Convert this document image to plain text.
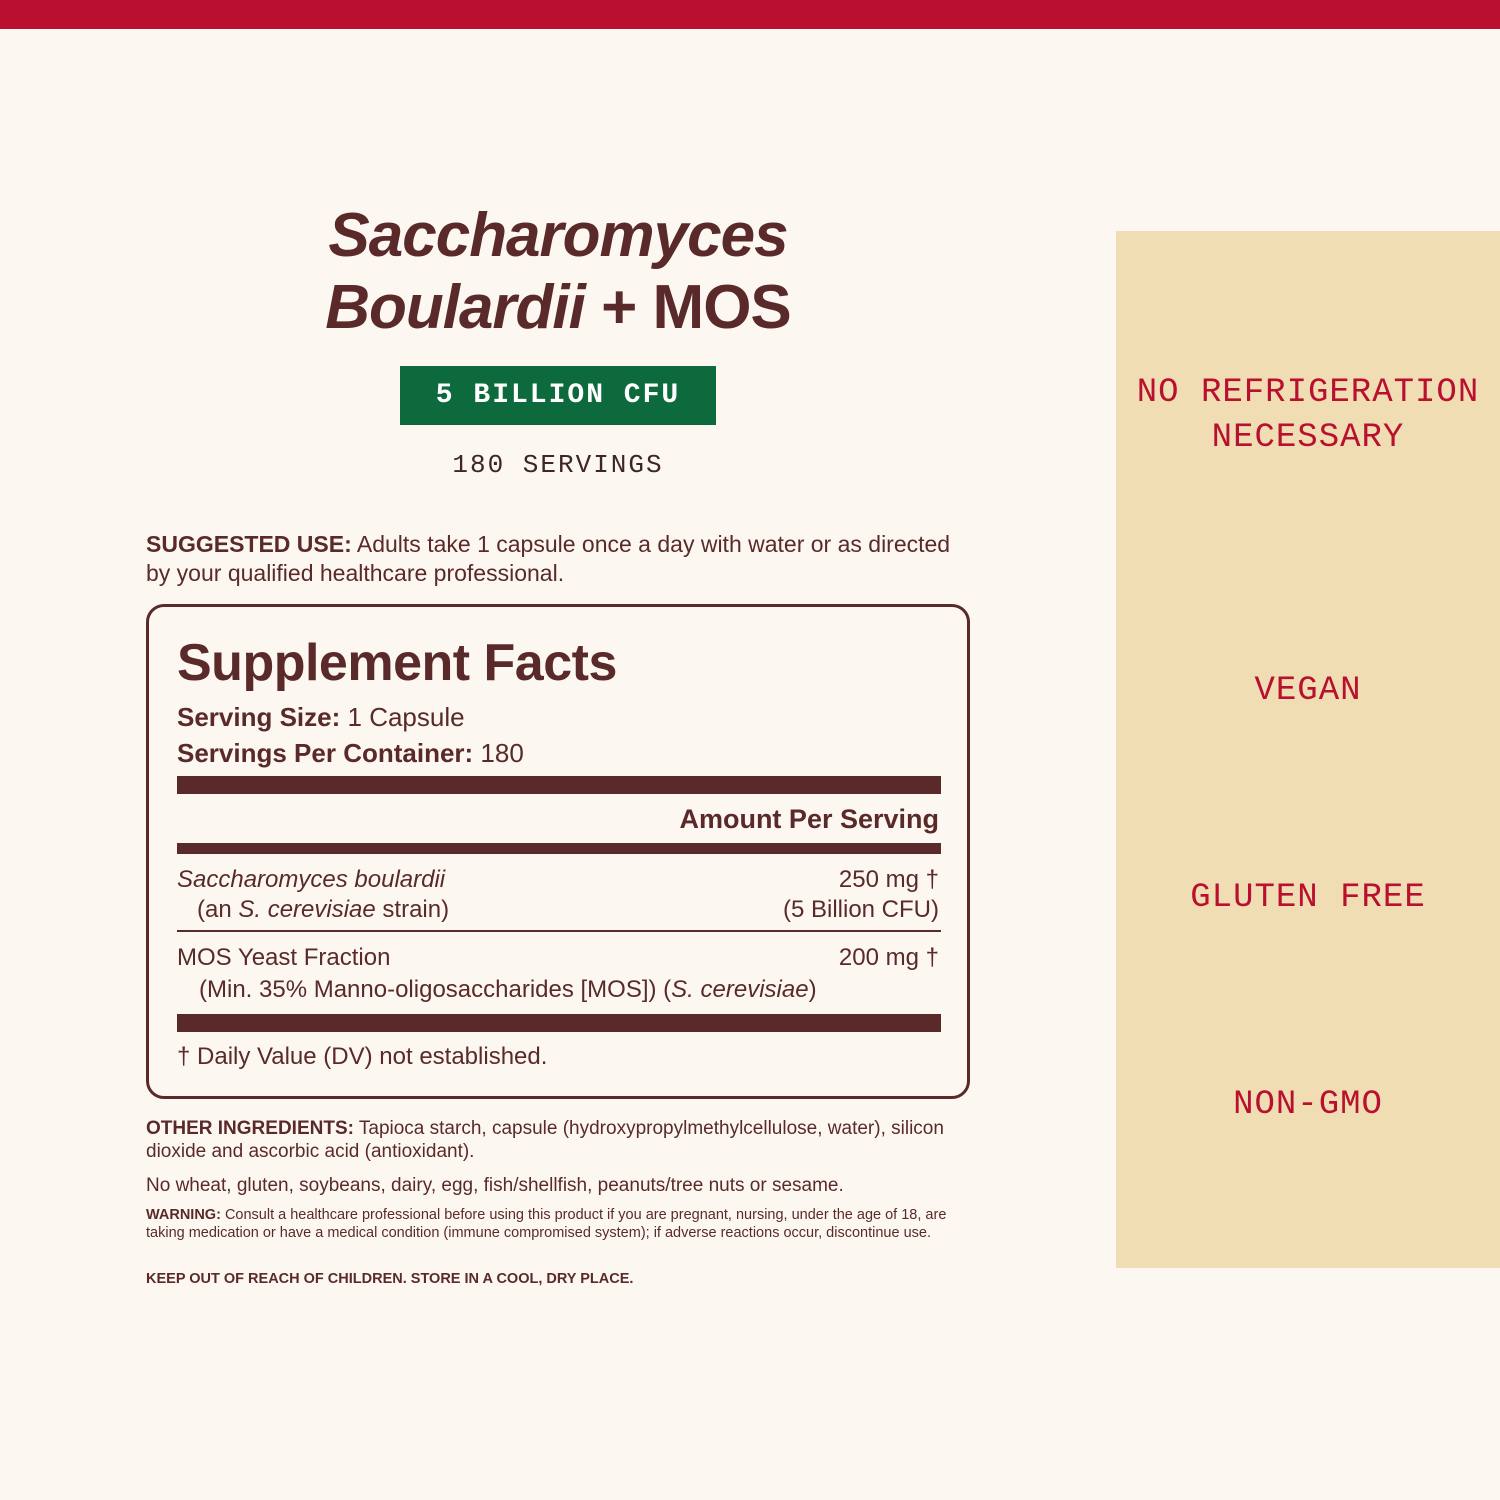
Saccharomyces
Boulardii + MOS
5 BILLION CFU
180 SERVINGS

SUGGESTED USE: Adults take 1 capsule once a day with water or as directed by your qualified healthcare professional.

Supplement Facts
Serving Size: 1 Capsule
Servings Per Container: 180
Amount Per Serving
Saccharomyces boulardii
(an S. cerevisiae strain)
250 mg †
(5 Billion CFU)
MOS Yeast Fraction
(Min. 35% Manno-oligosaccharides [MOS]) (S. cerevisiae)
200 mg †
† Daily Value (DV) not established.

OTHER INGREDIENTS: Tapioca starch, capsule (hydroxypropylmethylcellulose, water), silicon dioxide and ascorbic acid (antioxidant).

No wheat, gluten, soybeans, dairy, egg, fish/shellfish, peanuts/tree nuts or sesame.

WARNING: Consult a healthcare professional before using this product if you are pregnant, nursing, under the age of 18, are taking medication or have a medical condition (immune compromised system); if adverse reactions occur, discontinue use.

KEEP OUT OF REACH OF CHILDREN. STORE IN A COOL, DRY PLACE.

NO REFRIGERATION NECESSARY
VEGAN
GLUTEN FREE
NON-GMO
